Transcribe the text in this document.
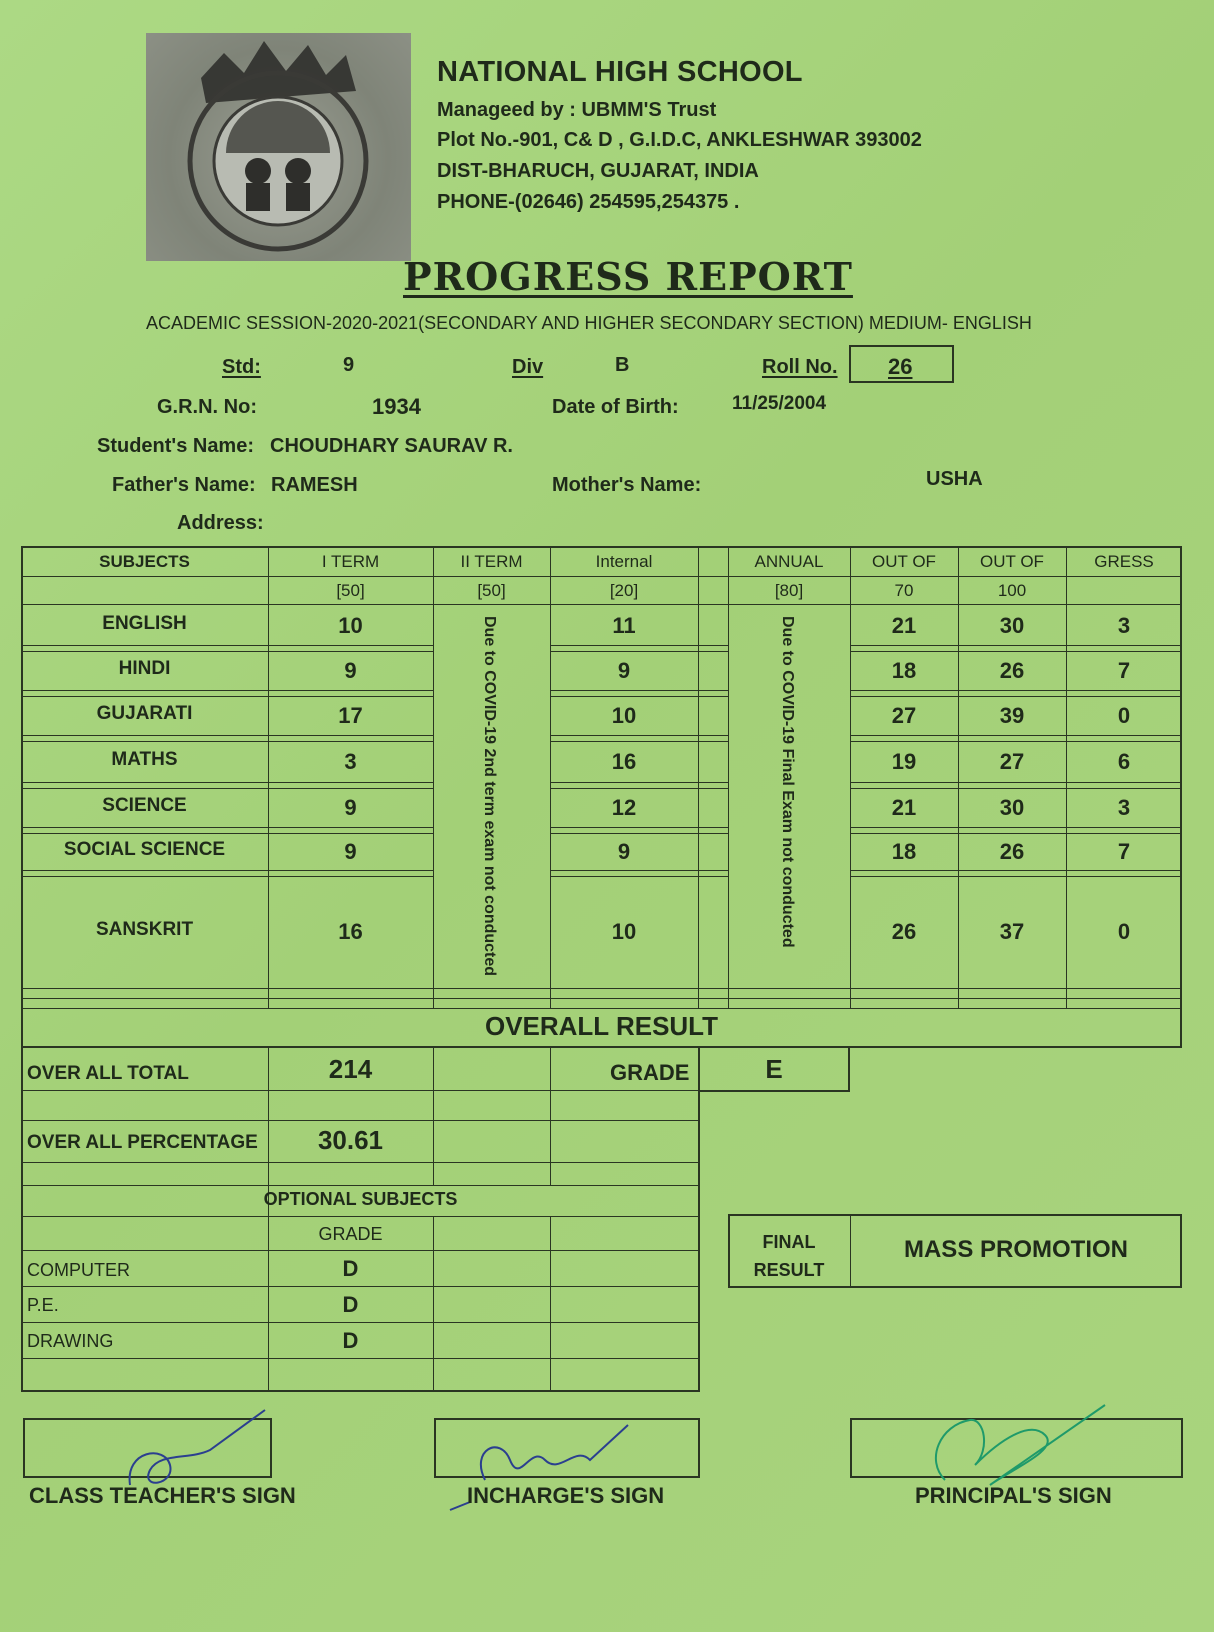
NATIONAL HIGH SCHOOL
Manageed by : UBMM'S Trust
Plot No.-901, C& D , G.I.D.C, ANKLESHWAR 393002
DIST-BHARUCH, GUJARAT, INDIA
PHONE-(02646) 254595,254375 .
PROGRESS REPORT
ACADEMIC SESSION-2020-2021(SECONDARY AND HIGHER SECONDARY SECTION) MEDIUM- ENGLISH
Std:	9	Div	B	Roll No. 26
G.R.N. No:	1934	Date of Birth:	11/25/2004
Student's Name: CHOUDHARY SAURAV R.
Father's Name: RAMESH	Mother's Name:	USHA
Address:
SUBJECTS	I TERM	II TERM	Internal	ANNUAL	OUT OF	OUT OF	GRESS
[50]	[50]	[20]	[80]	70	100
ENGLISH	10	11	21	30	3
HINDI	9	9	18	26	7
GUJARATI	17	10	27	39	0
MATHS	3	16	19	27	6
SCIENCE	9	12	21	30	3
SOCIAL SCIENCE	9	9	18	26	7
SANSKRIT	16	10	26	37	0
Due to COVID-19 2nd term exam not conducted	Due to COVID-19 Final Exam not conducted
OVERALL RESULT
OVER ALL TOTAL	214	GRADE	E
OVER ALL PERCENTAGE	30.61
OPTIONAL SUBJECTS
GRADE
COMPUTER	D
P.E.	D
DRAWING	D
FINAL
RESULT
MASS PROMOTION
CLASS TEACHER'S SIGN	INCHARGE'S SIGN	PRINCIPAL'S SIGN
